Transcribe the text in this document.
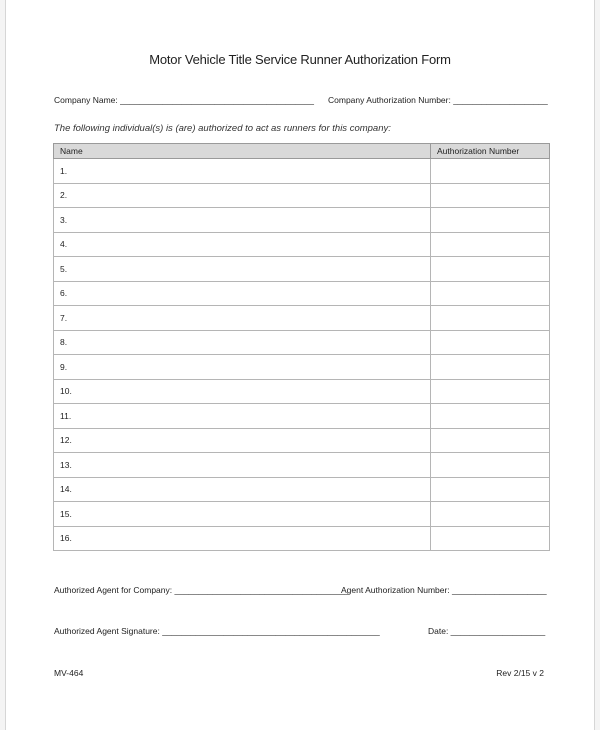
Motor Vehicle Title Service Runner Authorization Form
Company Name: _________________________________________ Company Authorization Number: ____________________
The following individual(s) is (are) authorized to act as runners for this company:
Name	Authorization Number
1.	
2.	
3.	
4.	
5.	
6.	
7.	
8.	
9.	
10.	
11.	
12.	
13.	
14.	
15.	
16.	
Authorized Agent for Company: _____________________________________
Agent Authorization Number: ____________________
Authorized Agent Signature: ______________________________________________	Date: ____________________
MV-464	Rev 2/15 v 2
